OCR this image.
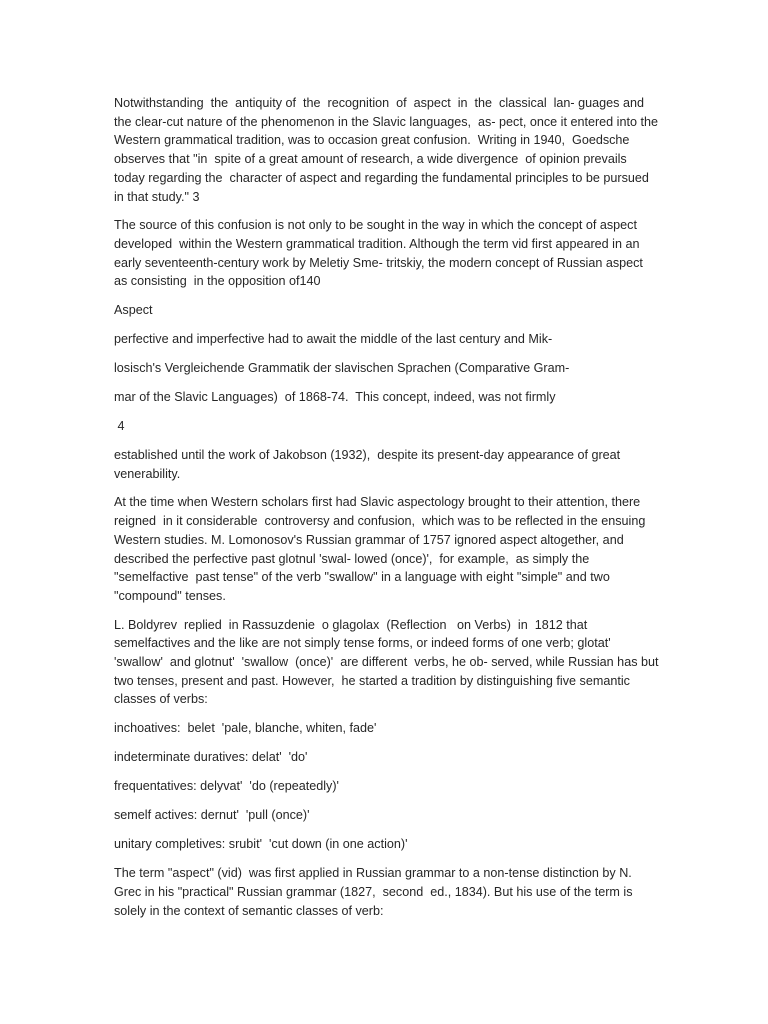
Notwithstanding  the  antiquity of  the  recognition  of  aspect  in  the  classical  lan- guages and the clear-cut nature of the phenomenon in the Slavic languages,  as- pect, once it entered into the Western grammatical tradition, was to occasion great confusion.  Writing in 1940,  Goedsche observes that "in  spite of a great amount of research, a wide divergence  of opinion prevails today regarding the  character of aspect and regarding the fundamental principles to be pursued in that study." 3

The source of this confusion is not only to be sought in the way in which the concept of aspect developed  within the Western grammatical tradition. Although the term vid first appeared in an early seventeenth-century work by Meletiy Sme- tritskiy, the modern concept of Russian aspect as consisting  in the opposition of140

Aspect

perfective and imperfective had to await the middle of the last century and Mik-

losisch's Vergleichende Grammatik der slavischen Sprachen (Comparative Gram-

mar of the Slavic Languages)  of 1868-74.  This concept, indeed, was not firmly

4

established until the work of Jakobson (1932),  despite its present-day appearance of great venerability.

At the time when Western scholars first had Slavic aspectology brought to their attention, there reigned  in it considerable  controversy and confusion,  which was to be reflected in the ensuing Western studies. M. Lomonosov's Russian grammar of 1757 ignored aspect altogether, and described the perfective past glotnul 'swal- lowed (once)',  for example,  as simply the "semelfactive  past tense" of the verb "swallow" in a language with eight "simple" and two "compound" tenses.

L. Boldyrev  replied  in Rassuzdenie  o glagolax  (Reflection   on Verbs)  in  1812 that semelfactives and the like are not simply tense forms, or indeed forms of one verb; glotat' 'swallow'  and glotnut'  'swallow  (once)'  are different  verbs, he ob- served, while Russian has but two tenses, present and past. However,  he started a tradition by distinguishing five semantic classes of verbs:

inchoatives:  belet  'pale, blanche, whiten, fade'

indeterminate duratives: delat'  'do'

frequentatives: delyvat'  'do (repeatedly)'

semelf actives: dernut'  'pull (once)'

unitary completives: srubit'  'cut down (in one action)'

The term "aspect" (vid)  was first applied in Russian grammar to a non-tense distinction by N. Grec in his "practical" Russian grammar (1827,  second  ed., 1834). But his use of the term is solely in the context of semantic classes of verb:
